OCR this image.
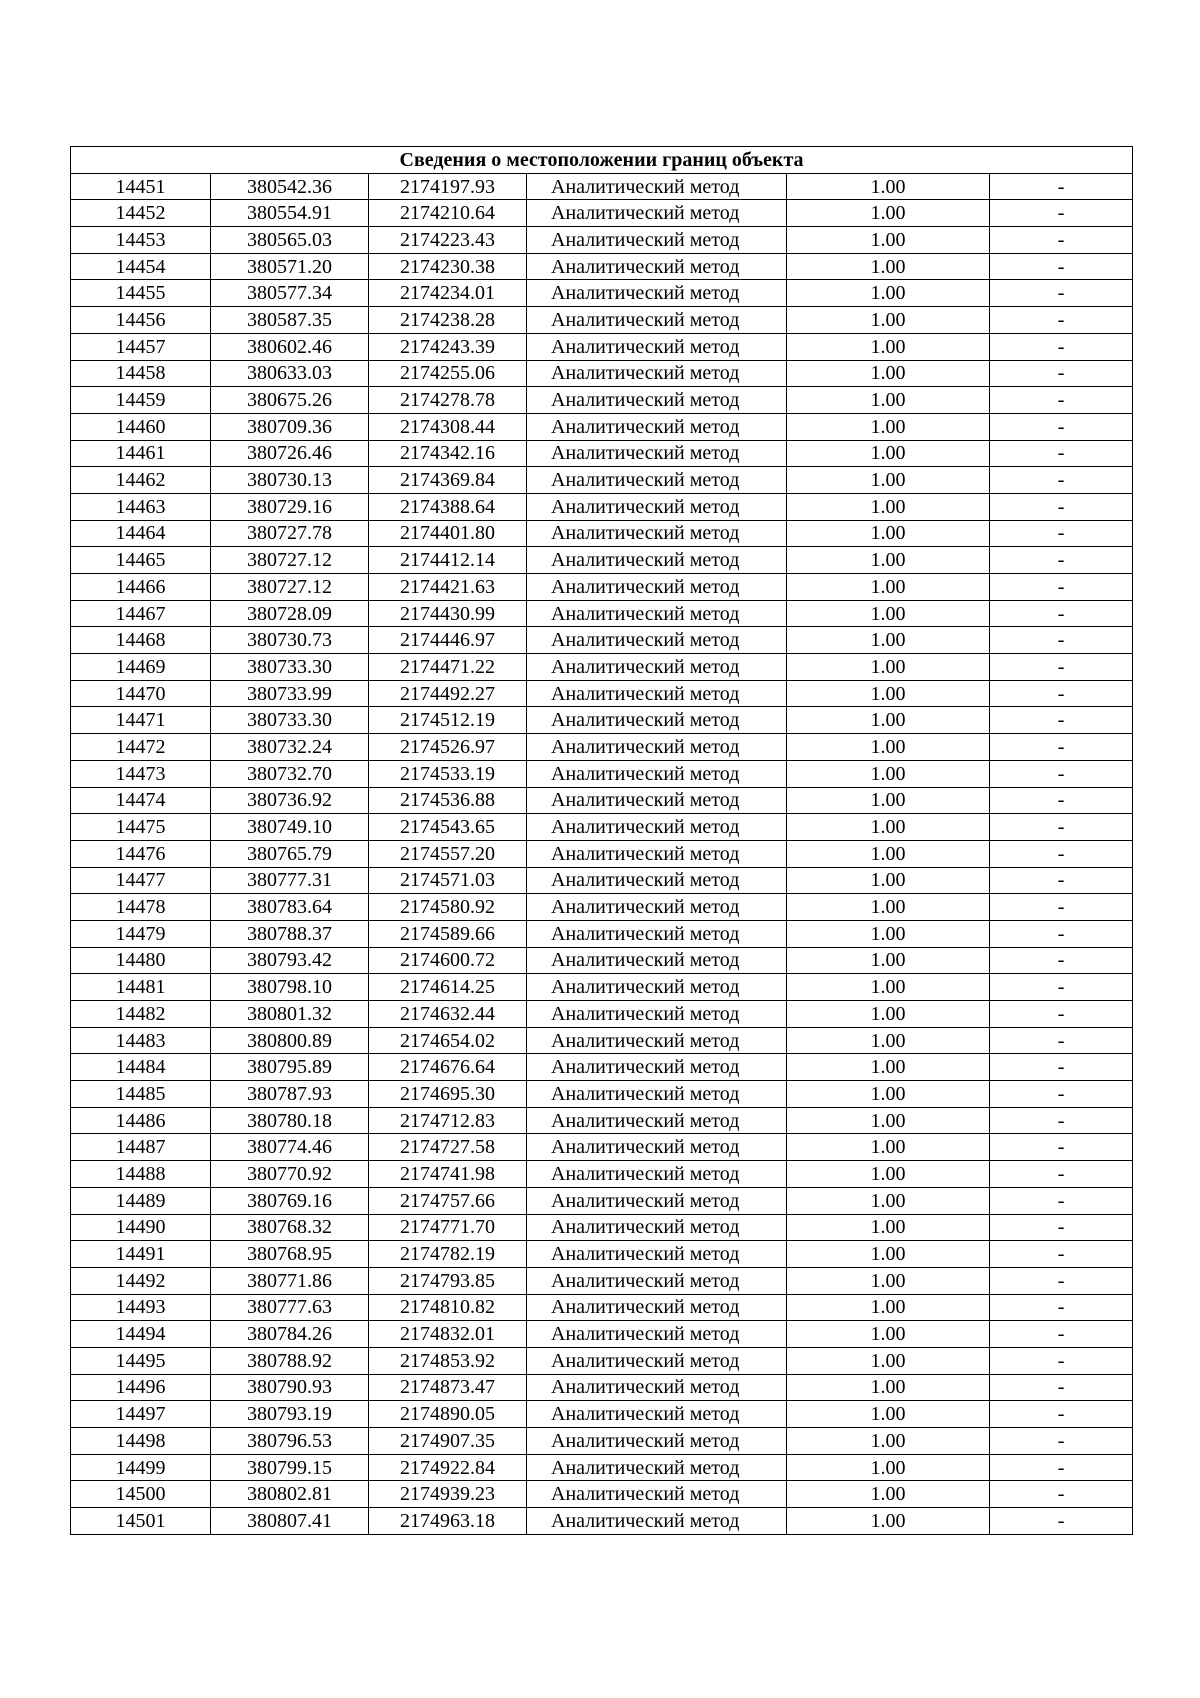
Сведения о местоположении границ объекта					
14451	380542.36	2174197.93	Аналитический метод	1.00	-
14452	380554.91	2174210.64	Аналитический метод	1.00	-
14453	380565.03	2174223.43	Аналитический метод	1.00	-
14454	380571.20	2174230.38	Аналитический метод	1.00	-
14455	380577.34	2174234.01	Аналитический метод	1.00	-
14456	380587.35	2174238.28	Аналитический метод	1.00	-
14457	380602.46	2174243.39	Аналитический метод	1.00	-
14458	380633.03	2174255.06	Аналитический метод	1.00	-
14459	380675.26	2174278.78	Аналитический метод	1.00	-
14460	380709.36	2174308.44	Аналитический метод	1.00	-
14461	380726.46	2174342.16	Аналитический метод	1.00	-
14462	380730.13	2174369.84	Аналитический метод	1.00	-
14463	380729.16	2174388.64	Аналитический метод	1.00	-
14464	380727.78	2174401.80	Аналитический метод	1.00	-
14465	380727.12	2174412.14	Аналитический метод	1.00	-
14466	380727.12	2174421.63	Аналитический метод	1.00	-
14467	380728.09	2174430.99	Аналитический метод	1.00	-
14468	380730.73	2174446.97	Аналитический метод	1.00	-
14469	380733.30	2174471.22	Аналитический метод	1.00	-
14470	380733.99	2174492.27	Аналитический метод	1.00	-
14471	380733.30	2174512.19	Аналитический метод	1.00	-
14472	380732.24	2174526.97	Аналитический метод	1.00	-
14473	380732.70	2174533.19	Аналитический метод	1.00	-
14474	380736.92	2174536.88	Аналитический метод	1.00	-
14475	380749.10	2174543.65	Аналитический метод	1.00	-
14476	380765.79	2174557.20	Аналитический метод	1.00	-
14477	380777.31	2174571.03	Аналитический метод	1.00	-
14478	380783.64	2174580.92	Аналитический метод	1.00	-
14479	380788.37	2174589.66	Аналитический метод	1.00	-
14480	380793.42	2174600.72	Аналитический метод	1.00	-
14481	380798.10	2174614.25	Аналитический метод	1.00	-
14482	380801.32	2174632.44	Аналитический метод	1.00	-
14483	380800.89	2174654.02	Аналитический метод	1.00	-
14484	380795.89	2174676.64	Аналитический метод	1.00	-
14485	380787.93	2174695.30	Аналитический метод	1.00	-
14486	380780.18	2174712.83	Аналитический метод	1.00	-
14487	380774.46	2174727.58	Аналитический метод	1.00	-
14488	380770.92	2174741.98	Аналитический метод	1.00	-
14489	380769.16	2174757.66	Аналитический метод	1.00	-
14490	380768.32	2174771.70	Аналитический метод	1.00	-
14491	380768.95	2174782.19	Аналитический метод	1.00	-
14492	380771.86	2174793.85	Аналитический метод	1.00	-
14493	380777.63	2174810.82	Аналитический метод	1.00	-
14494	380784.26	2174832.01	Аналитический метод	1.00	-
14495	380788.92	2174853.92	Аналитический метод	1.00	-
14496	380790.93	2174873.47	Аналитический метод	1.00	-
14497	380793.19	2174890.05	Аналитический метод	1.00	-
14498	380796.53	2174907.35	Аналитический метод	1.00	-
14499	380799.15	2174922.84	Аналитический метод	1.00	-
14500	380802.81	2174939.23	Аналитический метод	1.00	-
14501	380807.41	2174963.18	Аналитический метод	1.00	-
